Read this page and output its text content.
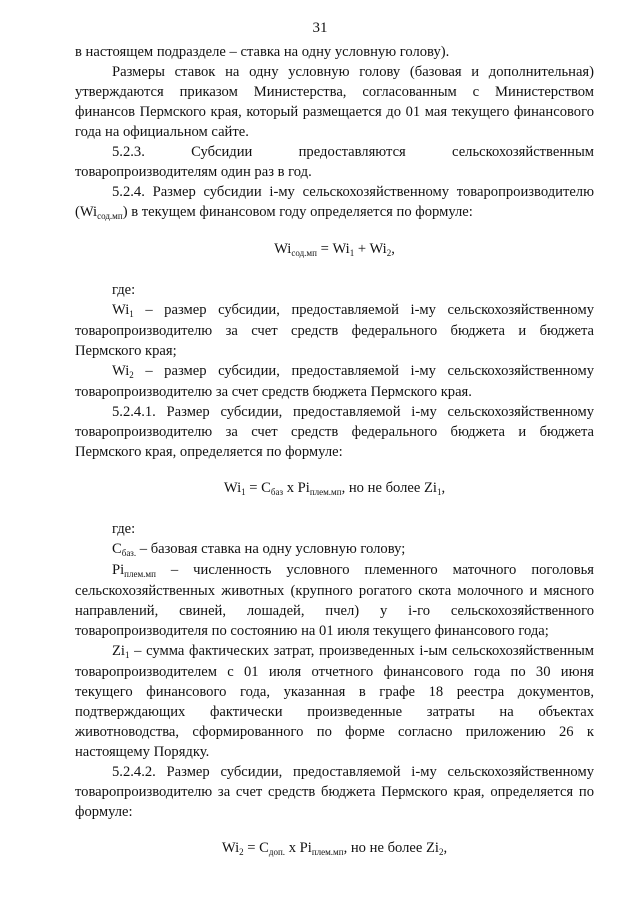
31

в настоящем подразделе – ставка на одну условную голову).

Размеры ставок на одну условную голову (базовая и дополнительная) утверждаются приказом Министерства, согласованным с Министерством финансов Пермского края, который размещается до 01 мая текущего финансового года на официальном сайте.

5.2.3. Субсидии предоставляются сельскохозяйственным товаропроизводителям один раз в год.

5.2.4. Размер субсидии i-му сельскохозяйственному товаропроизводителю $(Wi_{сод.мп})$ в текущем финансовом году определяется по формуле:

$Wi_{сод.мп} = Wi_1 + Wi_2$,

где:

$Wi_1$ – размер субсидии, предоставляемой i-му сельскохозяйственному товаропроизводителю за счет средств федерального бюджета и бюджета Пермского края;

$Wi_2$ – размер субсидии, предоставляемой i-му сельскохозяйственному товаропроизводителю за счет средств бюджета Пермского края.

5.2.4.1. Размер субсидии, предоставляемой i-му сельскохозяйственному товаропроизводителю за счет средств федерального бюджета и бюджета Пермского края, определяется по формуле:

$Wi_1 = C_{баз}$ x $Pi_{плем.мп}$, но не более $Zi_1$,

где:

$C_{баз.}$ – базовая ставка на одну условную голову;

$Pi_{плем.мп}$ – численность условного племенного маточного поголовья сельскохозяйственных животных (крупного рогатого скота молочного и мясного направлений, свиней, лошадей, пчел) у i-го сельскохозяйственного товаропроизводителя по состоянию на 01 июля текущего финансового года;

$Zi_1$ – сумма фактических затрат, произведенных i-ым сельскохозяйственным товаропроизводителем с 01 июля отчетного финансового года по 30 июня текущего финансового года, указанная в графе 18 реестра документов, подтверждающих фактически произведенные затраты на объектах животноводства, сформированного по форме согласно приложению 26 к настоящему Порядку.

5.2.4.2. Размер субсидии, предоставляемой i-му сельскохозяйственному товаропроизводителю за счет средств бюджета Пермского края, определяется по формуле:

$Wi_2 = C_{доп.}$ x $Pi_{плем.мп}$, но не более $Zi_2$,
